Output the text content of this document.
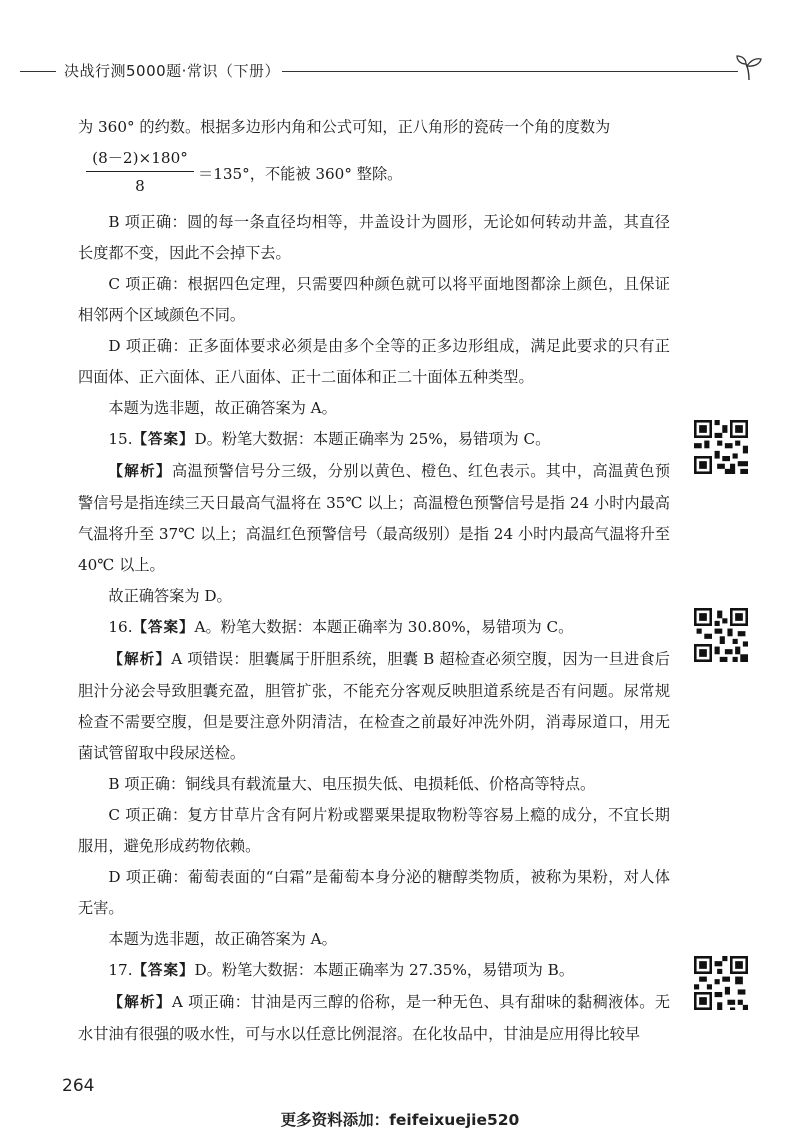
决战行测5000题·常识（下册）

为 360° 的约数。根据多边形内角和公式可知，正八角形的瓷砖一个角的度数为

$\frac{(8-2)\times 180^\circ}{8} =135^\circ$，不能被 360° 整除。

B 项正确：圆的每一条直径均相等，井盖设计为圆形，无论如何转动井盖，其直径长度都不变，因此不会掉下去。

C 项正确：根据四色定理，只需要四种颜色就可以将平面地图都涂上颜色，且保证相邻两个区域颜色不同。

D 项正确：正多面体要求必须是由多个全等的正多边形组成，满足此要求的只有正四面体、正六面体、正八面体、正十二面体和正二十面体五种类型。

本题为选非题，故正确答案为 A。

15.【答案】D。粉笔大数据：本题正确率为 25%，易错项为 C。

【解析】高温预警信号分三级，分别以黄色、橙色、红色表示。其中，高温黄色预警信号是指连续三天日最高气温将在 35℃ 以上；高温橙色预警信号是指 24 小时内最高气温将升至 37℃ 以上；高温红色预警信号（最高级别）是指 24 小时内最高气温将升至 40℃ 以上。

故正确答案为 D。

16.【答案】A。粉笔大数据：本题正确率为 30.80%，易错项为 C。

【解析】A 项错误：胆囊属于肝胆系统，胆囊 B 超检查必须空腹，因为一旦进食后胆汁分泌会导致胆囊充盈，胆管扩张，不能充分客观反映胆道系统是否有问题。尿常规检查不需要空腹，但是要注意外阴清洁，在检查之前最好冲洗外阴，消毒尿道口，用无菌试管留取中段尿送检。

B 项正确：铜线具有载流量大、电压损失低、电损耗低、价格高等特点。

C 项正确：复方甘草片含有阿片粉或罂粟果提取物粉等容易上瘾的成分，不宜长期服用，避免形成药物依赖。

D 项正确：葡萄表面的“白霜”是葡萄本身分泌的糖醇类物质，被称为果粉，对人体无害。

本题为选非题，故正确答案为 A。

17.【答案】D。粉笔大数据：本题正确率为 27.35%，易错项为 B。

【解析】A 项正确：甘油是丙三醇的俗称，是一种无色、具有甜味的黏稠液体。无水甘油有很强的吸水性，可与水以任意比例混溶。在化妆品中，甘油是应用得比较早

264
更多资料添加：feifeixuejie520
